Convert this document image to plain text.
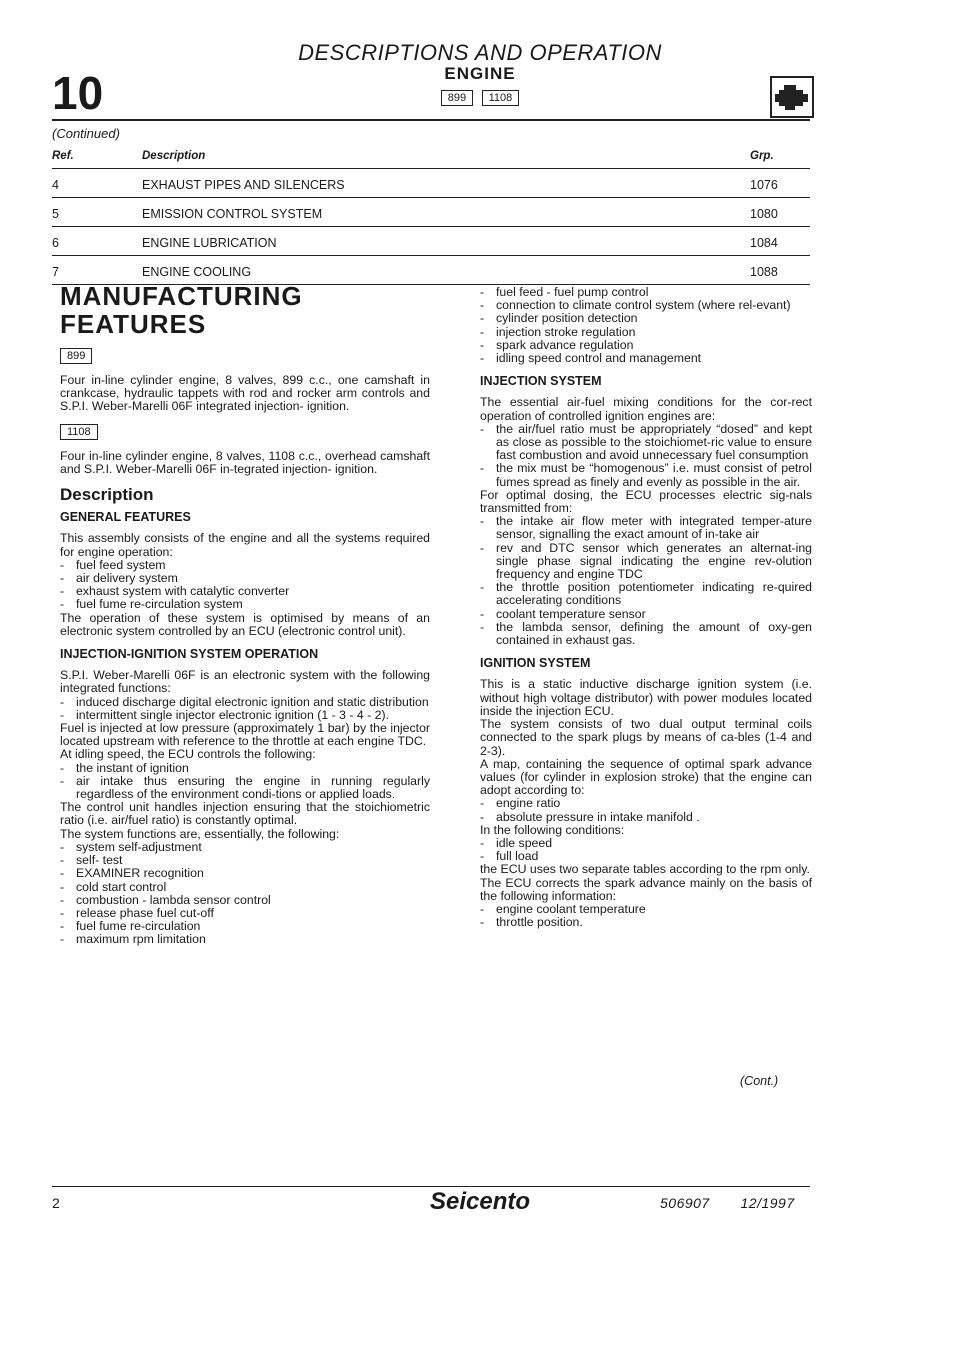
10
DESCRIPTIONS AND OPERATION
ENGINE
899 1108
(Continued)
Ref.	Description	Grp.
4	EXHAUST PIPES AND SILENCERS	1076
5	EMISSION CONTROL SYSTEM	1080
6	ENGINE LUBRICATION	1084
7	ENGINE COOLING	1088

MANUFACTURING

FEATURES

899

Four in-line cylinder engine, 8 valves, 899 c.c., one camshaft in crankcase, hydraulic tappets with rod and rocker arm controls and S.P.I. Weber-Marelli 06F integrated injection- ignition.

1108

Four in-line cylinder engine, 8 valves, 1108 c.c., overhead camshaft and S.P.I. Weber-Marelli 06F in-tegrated injection- ignition.

Description
GENERAL FEATURES

This assembly consists of the engine and all the systems required for engine operation:

- fuel feed system
- air delivery system
- exhaust system with catalytic converter
- fuel fume re-circulation system

The operation of these system is optimised by means of an electronic system controlled by an ECU (electronic control unit).

INJECTION-IGNITION SYSTEM OPERATION

S.P.I. Weber-Marelli 06F is an electronic system with the following integrated functions:

- induced discharge digital electronic ignition and static distribution
- intermittent single injector electronic ignition (1 - 3 - 4 - 2).

Fuel is injected at low pressure (approximately 1 bar) by the injector located upstream with reference to the throttle at each engine TDC.

At idling speed, the ECU controls the following:

- the instant of ignition
- air intake thus ensuring the engine in running regularly regardless of the environment condi-tions or applied loads.

The control unit handles injection ensuring that the stoichiometric ratio (i.e. air/fuel ratio) is constantly optimal.

The system functions are, essentially, the following:

- system self-adjustment
- self- test
- EXAMINER recognition
- cold start control
- combustion - lambda sensor control
- release phase fuel cut-off
- fuel fume re-circulation
- maximum rpm limitation
- fuel feed - fuel pump control
- connection to climate control system (where rel-evant)
- cylinder position detection
- injection stroke regulation
- spark advance regulation
- idling speed control and management
INJECTION SYSTEM

The essential air-fuel mixing conditions for the cor-rect operation of controlled ignition engines are:

- the air/fuel ratio must be appropriately “dosed” and kept as close as possible to the stoichiomet-ric value to ensure fast combustion and avoid unnecessary fuel consumption
- the mix must be “homogenous” i.e. must consist of petrol fumes spread as finely and evenly as possible in the air.

For optimal dosing, the ECU processes electric sig-nals transmitted from:

- the intake air flow meter with integrated temper-ature sensor, signalling the exact amount of in-take air
- rev and DTC sensor which generates an alternat-ing single phase signal indicating the engine rev-olution frequency and engine TDC
- the throttle position potentiometer indicating re-quired accelerating conditions
- coolant temperature sensor
- the lambda sensor, defining the amount of oxy-gen contained in exhaust gas.
IGNITION SYSTEM

This is a static inductive discharge ignition system (i.e. without high voltage distributor) with power modules located inside the injection ECU.

The system consists of two dual output terminal coils connected to the spark plugs by means of ca-bles (1-4 and 2-3).

A map, containing the sequence of optimal spark advance values (for cylinder in explosion stroke) that the engine can adopt according to:

- engine ratio
- absolute pressure in intake manifold .

In the following conditions:

- idle speed
- full load

the ECU uses two separate tables according to the rpm only.

The ECU corrects the spark advance mainly on the basis of the following information:

- engine coolant temperature
- throttle position.
(Cont.)
2	Seicento	506907 12/1997
